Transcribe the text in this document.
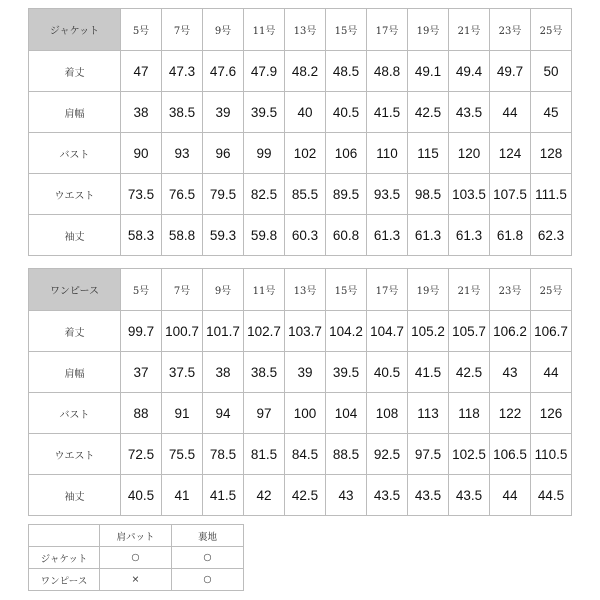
ジャケット	5号	7号	9号	11号	13号	15号	17号	19号	21号	23号	25号
着丈	47	47.3	47.6	47.9	48.2	48.5	48.8	49.1	49.4	49.7	50
肩幅	38	38.5	39	39.5	40	40.5	41.5	42.5	43.5	44	45
バスト	90	93	96	99	102	106	110	115	120	124	128
ウエスト	73.5	76.5	79.5	82.5	85.5	89.5	93.5	98.5	103.5	107.5	111.5
袖丈	58.3	58.8	59.3	59.8	60.3	60.8	61.3	61.3	61.3	61.8	62.3
ワンピース	5号	7号	9号	11号	13号	15号	17号	19号	21号	23号	25号
着丈	99.7	100.7	101.7	102.7	103.7	104.2	104.7	105.2	105.7	106.2	106.7
肩幅	37	37.5	38	38.5	39	39.5	40.5	41.5	42.5	43	44
バスト	88	91	94	97	100	104	108	113	118	122	126
ウエスト	72.5	75.5	78.5	81.5	84.5	88.5	92.5	97.5	102.5	106.5	110.5
袖丈	40.5	41	41.5	42	42.5	43	43.5	43.5	43.5	44	44.5
	肩パット	裏地
ジャケット	○	○
ワンピース	×	○
